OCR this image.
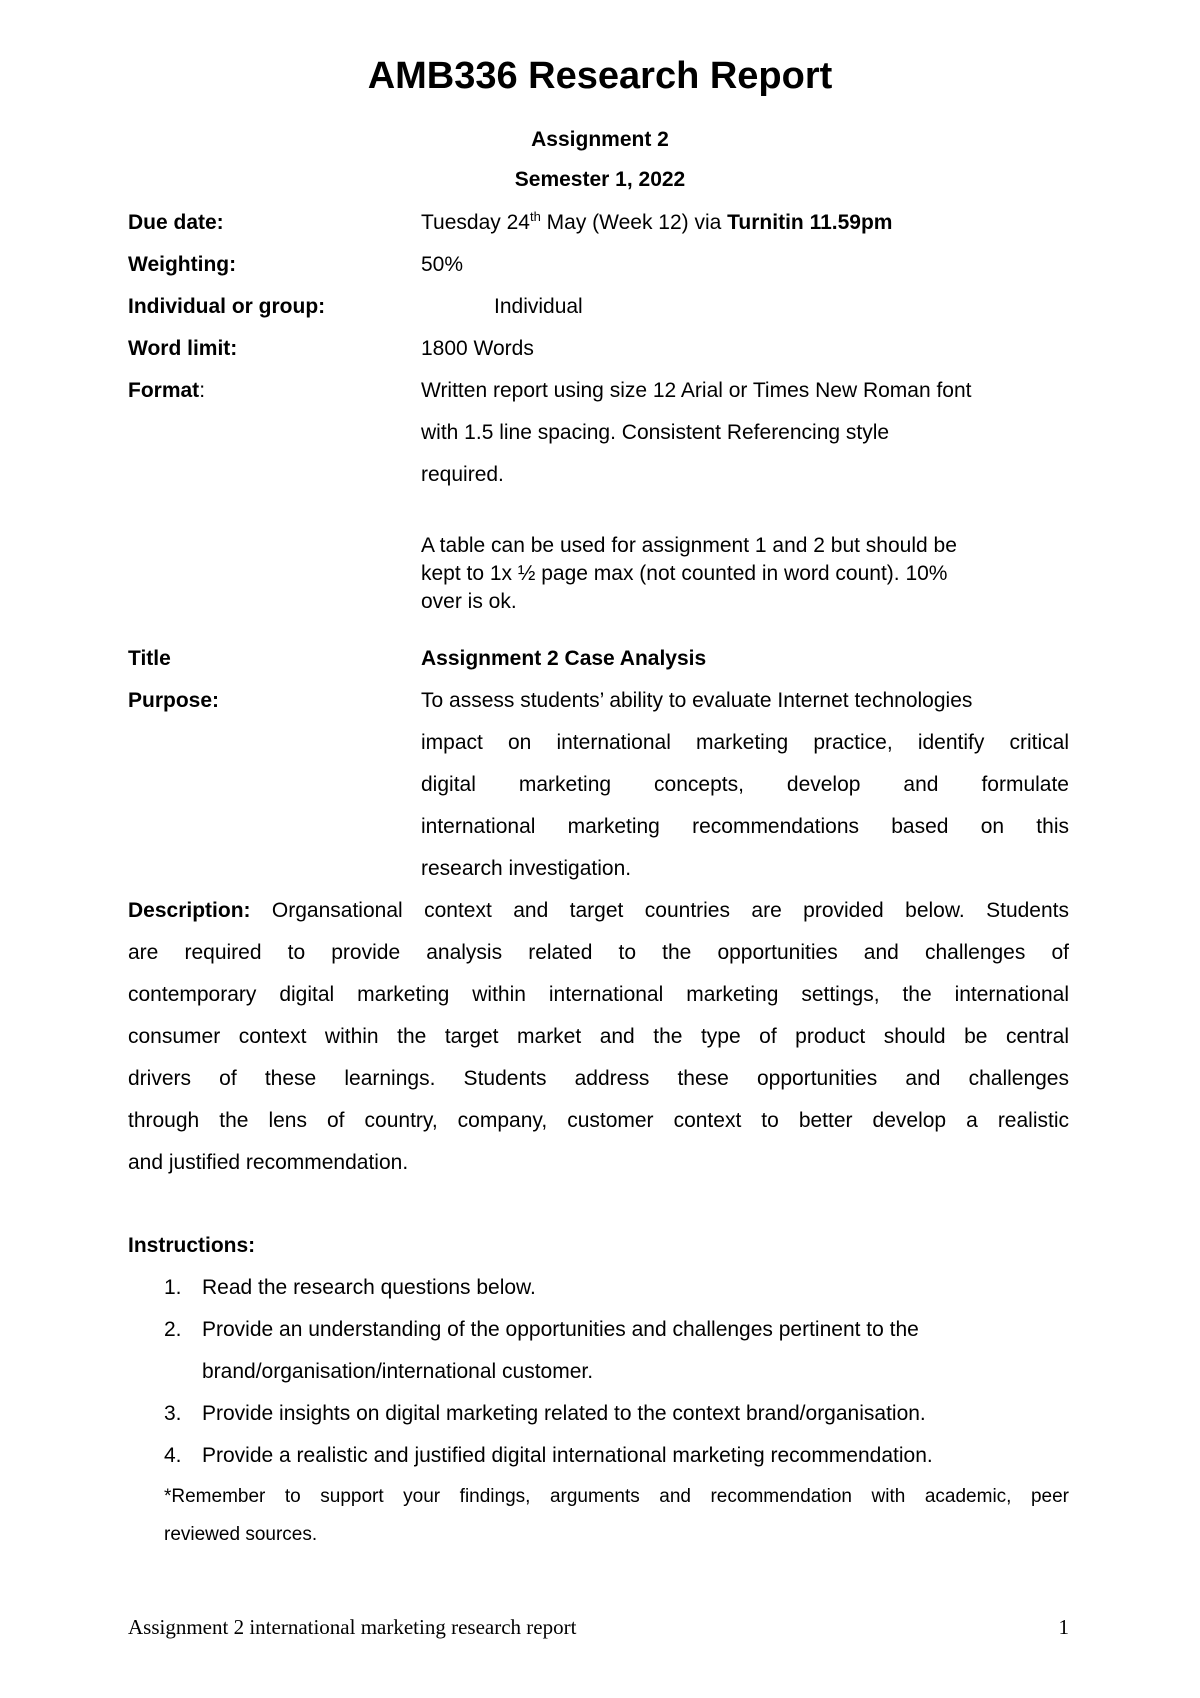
AMB336 Research Report
Assignment 2
Semester 1, 2022
Due date:	Tuesday 24th May (Week 12) via Turnitin 11.59pm
Weighting:	50%
Individual or group:	Individual
Word limit:	1800 Words
Format:	Written report using size 12 Arial or Times New Roman font
with 1.5 line spacing. Consistent Referencing style
required.
A table can be used for assignment 1 and 2 but should be
kept to 1x ½ page max (not counted in word count). 10%
over is ok.
Title	Assignment 2 Case Analysis
Purpose:	To assess students’ ability to evaluate Internet technologies
impact on international marketing practice, identify critical
digital marketing concepts, develop and formulate
international marketing recommendations based on this
research investigation.
Description: Organsational context and target countries are provided below. Students
are required to provide analysis related to the opportunities and challenges of
contemporary digital marketing within international marketing settings, the international
consumer context within the target market and the type of product should be central
drivers of these learnings. Students address these opportunities and challenges
through the lens of country, company, customer context to better develop a realistic
and justified recommendation.
Instructions:
1. Read the research questions below.
2. Provide an understanding of the opportunities and challenges pertinent to the
brand/organisation/international customer.
3. Provide insights on digital marketing related to the context brand/organisation.
4. Provide a realistic and justified digital international marketing recommendation.
*Remember to support your findings, arguments and recommendation with academic, peer
reviewed sources.
Assignment 2 international marketing research report	1
